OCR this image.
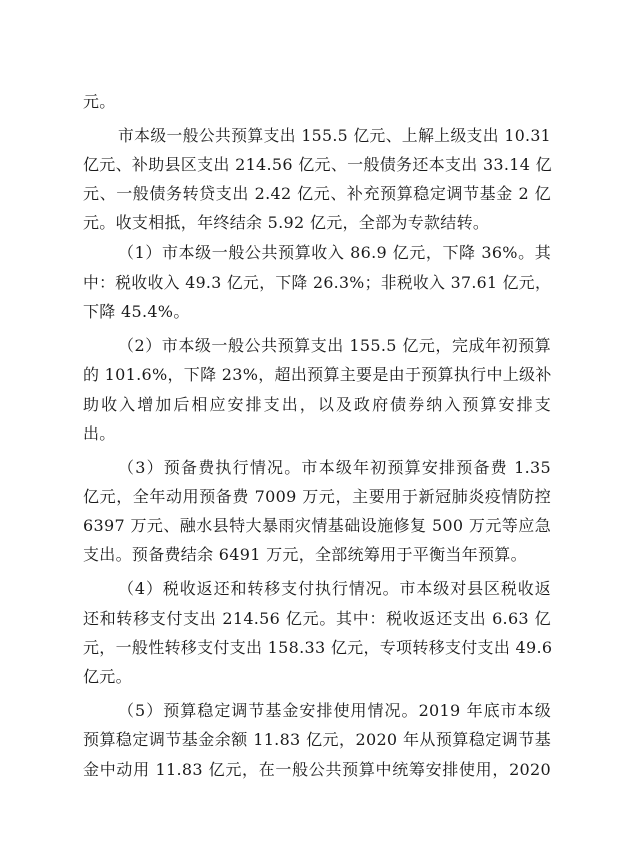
元。
市本级一般公共预算支出 155.5 亿元、上解上级支出 10.31
亿元、补助县区支出 214.56 亿元、一般债务还本支出 33.14 亿
元、一般债务转贷支出 2.42 亿元、补充预算稳定调节基金 2 亿
元。收支相抵，年终结余 5.92 亿元，全部为专款结转。
（1）市本级一般公共预算收入 86.9 亿元，下降 36%。其
中：税收收入 49.3 亿元，下降 26.3%；非税收入 37.61 亿元，
下降 45.4%。
（2）市本级一般公共预算支出 155.5 亿元，完成年初预算
的 101.6%，下降 23%，超出预算主要是由于预算执行中上级补
助收入增加后相应安排支出，以及政府债券纳入预算安排支
出。
（3）预备费执行情况。市本级年初预算安排预备费 1.35
亿元，全年动用预备费 7009 万元，主要用于新冠肺炎疫情防控
6397 万元、融水县特大暴雨灾情基础设施修复 500 万元等应急
支出。预备费结余 6491 万元，全部统筹用于平衡当年预算。
（4）税收返还和转移支付执行情况。市本级对县区税收返
还和转移支付支出 214.56 亿元。其中：税收返还支出 6.63 亿
元，一般性转移支付支出 158.33 亿元，专项转移支付支出 49.6
亿元。
（5）预算稳定调节基金安排使用情况。2019 年底市本级
预算稳定调节基金余额 11.83 亿元，2020 年从预算稳定调节基
金中动用 11.83 亿元，在一般公共预算中统筹安排使用，2020
